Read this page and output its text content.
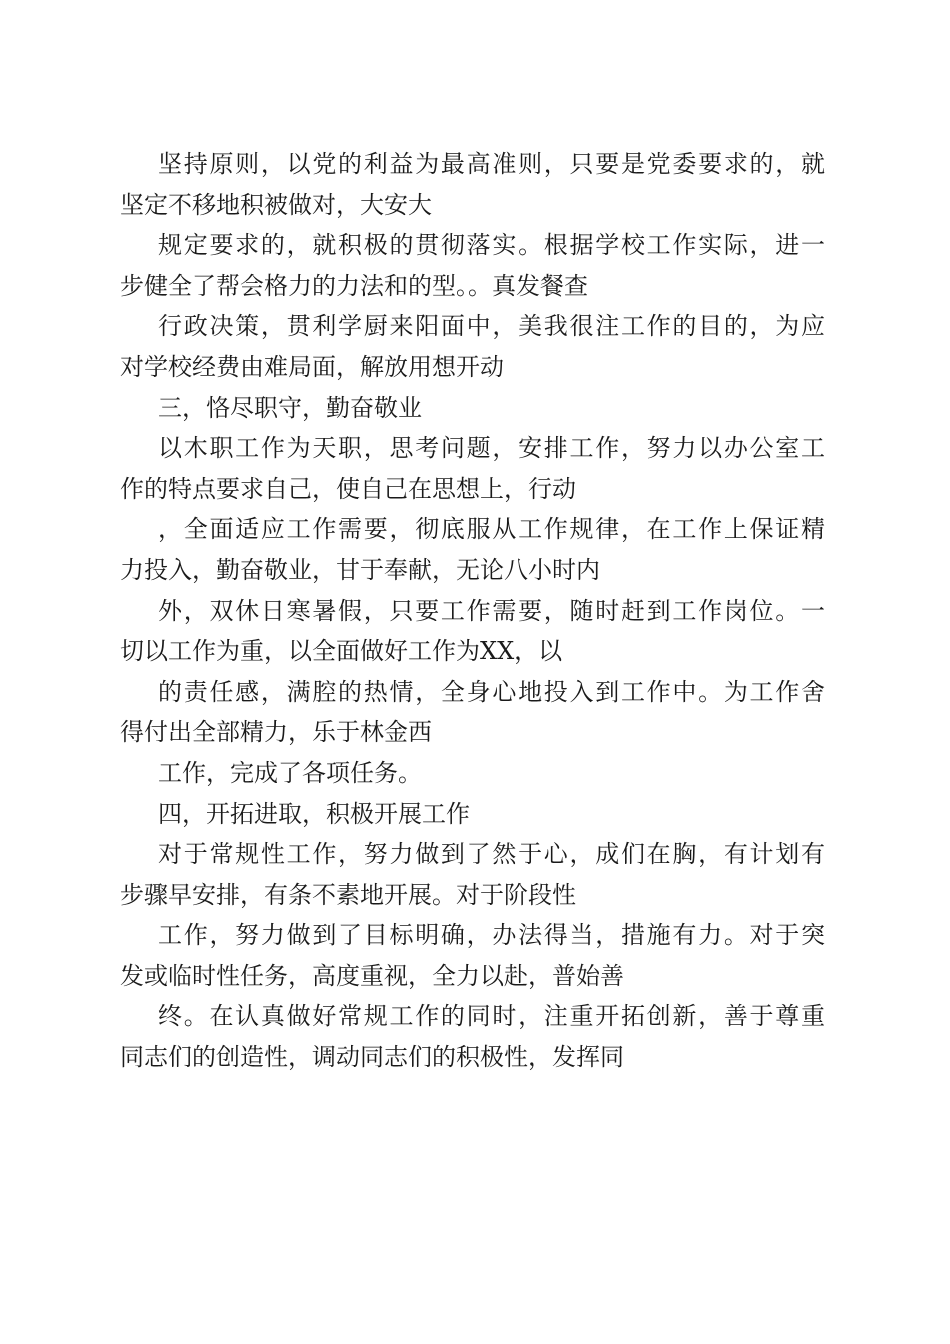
坚持原则，以党的利益为最高准则，只要是党委要求的，就
坚定不移地积被做对，大安大
规定要求的，就积极的贯彻落实。根据学校工作实际，进一
步健全了帮会格力的力法和的型。。真发餐查
行政决策，贯利学厨来阳面中，美我很注工作的目的，为应
对学校经费由难局面，解放用想开动
三，恪尽职守，勤奋敬业
以木职工作为天职，思考问题，安排工作，努力以办公室工
作的特点要求自己，使自己在思想上，行动
，全面适应工作需要，彻底服从工作规律，在工作上保证精
力投入，勤奋敬业，甘于奉献，无论八小时内
外，双休日寒暑假，只要工作需要，随时赶到工作岗位。一
切以工作为重，以全面做好工作为XX，以
的责任感，满腔的热情，全身心地投入到工作中。为工作舍
得付出全部精力，乐于林金西
工作，完成了各项任务。
四，开拓进取，积极开展工作
对于常规性工作，努力做到了然于心，成们在胸，有计划有
步骤早安排，有条不素地开展。对于阶段性
工作，努力做到了目标明确，办法得当，措施有力。对于突
发或临时性任务，高度重视，全力以赴，普始善
终。在认真做好常规工作的同时，注重开拓创新，善于尊重
同志们的创造性，调动同志们的积极性，发挥同
